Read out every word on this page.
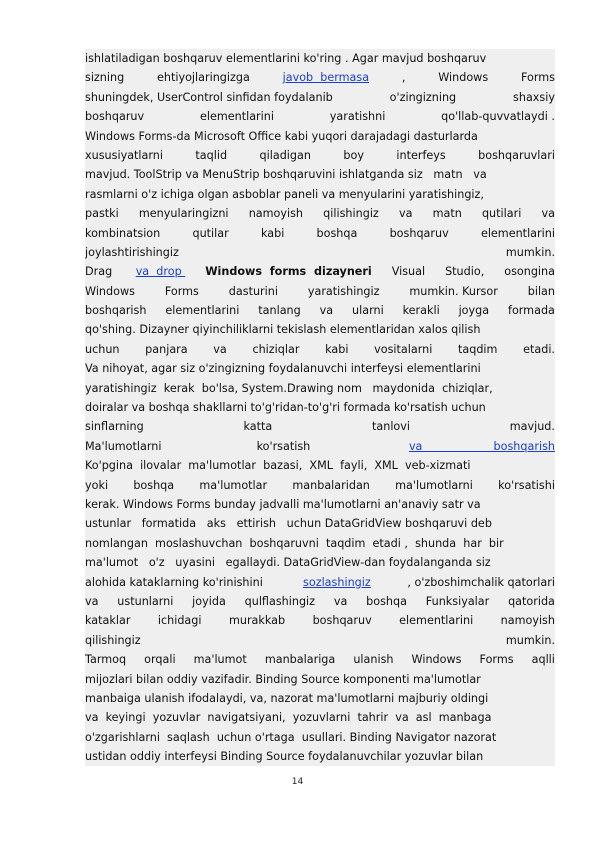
ishlatiladigan boshqaruv elementlarini ko'ring . Agar mavjud boshqaruv
sizning	ehtiyojlaringizga	javob  bermasa	,	Windows	Forms
shuningdek, UserControl sinfidan foydalanib	o'zingizning	shaxsiy
boshqaruv	elementlarini	yaratishni	qo'llab-quvvatlaydi .
Windows Forms-da Microsoft Office kabi yuqori darajadagi dasturlarda
xususiyatlarni	taqlid	qiladigan	boy	interfeys	boshqaruvlari
mavjud. ToolStrip va MenuStrip boshqaruvini ishlatganda siz   matn   va
rasmlarni o'z ichiga olgan asboblar paneli va menyularini yaratishingiz,
pastki menyularingizni namoyish qilishingiz va matn qutilari va
kombinatsion	qutilar	kabi	boshqa	boshqaruv	elementlarini
joylashtirishingiz	mumkin.
Drag va  drop Windows  forms  dizayneri Visual Studio, osongina
Windows	Forms	dasturini	yaratishingiz	mumkin. Kursor	bilan
boshqarish elementlarini tanlang va ularni kerakli joyga formada
qo'shing. Dizayner qiyinchiliklarni tekislash elementlaridan xalos qilish
uchun panjara va chiziqlar kabi vositalarni taqdim etadi.
Va nihoyat, agar siz o'zingizning foydalanuvchi interfeysi elementlarini
yaratishingiz  kerak  bo'lsa, System.Drawing nom   maydonida  chiziqlar,
doiralar va boshqa shakllarni to'g'ridan-to'g'ri formada ko'rsatish uchun
sinflarning	katta	tanlovi	mavjud.
Ma'lumotlarni	ko'rsatish	va                    boshqarish
Ko'pgina  ilovalar  ma'lumotlar  bazasi,  XML  fayli,  XML  veb-xizmati
yoki boshqa ma'lumotlar manbalaridan ma'lumotlarni ko'rsatishi
kerak. Windows Forms bunday jadvalli ma'lumotlarni an'anaviy satr va
ustunlar   formatida   aks   ettirish   uchun DataGridView boshqaruvi deb
nomlangan  moslashuvchan  boshqaruvni  taqdim  etadi ,  shunda  har  bir
ma'lumot   o'z   uyasini   egallaydi. DataGridView-dan foydalanganda siz
alohida kataklarning ko'rinishini	sozlashingiz	, o'zboshimchalik qatorlari
va ustunlarni joyida qulflashingiz va boshqa Funksiyalar qatorida
kataklar ichidagi murakkab boshqaruv elementlarini namoyish
qilishingiz	mumkin.
Tarmoq orqali ma'lumot manbalariga ulanish Windows Forms aqlli
mijozlari bilan oddiy vazifadir. Binding Source komponenti ma'lumotlar
manbaiga ulanish ifodalaydi, va, nazorat ma'lumotlarni majburiy oldingi
va  keyingi  yozuvlar  navigatsiyani,  yozuvlarni  tahrir  va  asl  manbaga
o'zgarishlarni  saqlash  uchun o'rtaga  usullari. Binding Navigator nazorat
ustidan oddiy interfeysi Binding Source foydalanuvchilar yozuvlar bilan
14
